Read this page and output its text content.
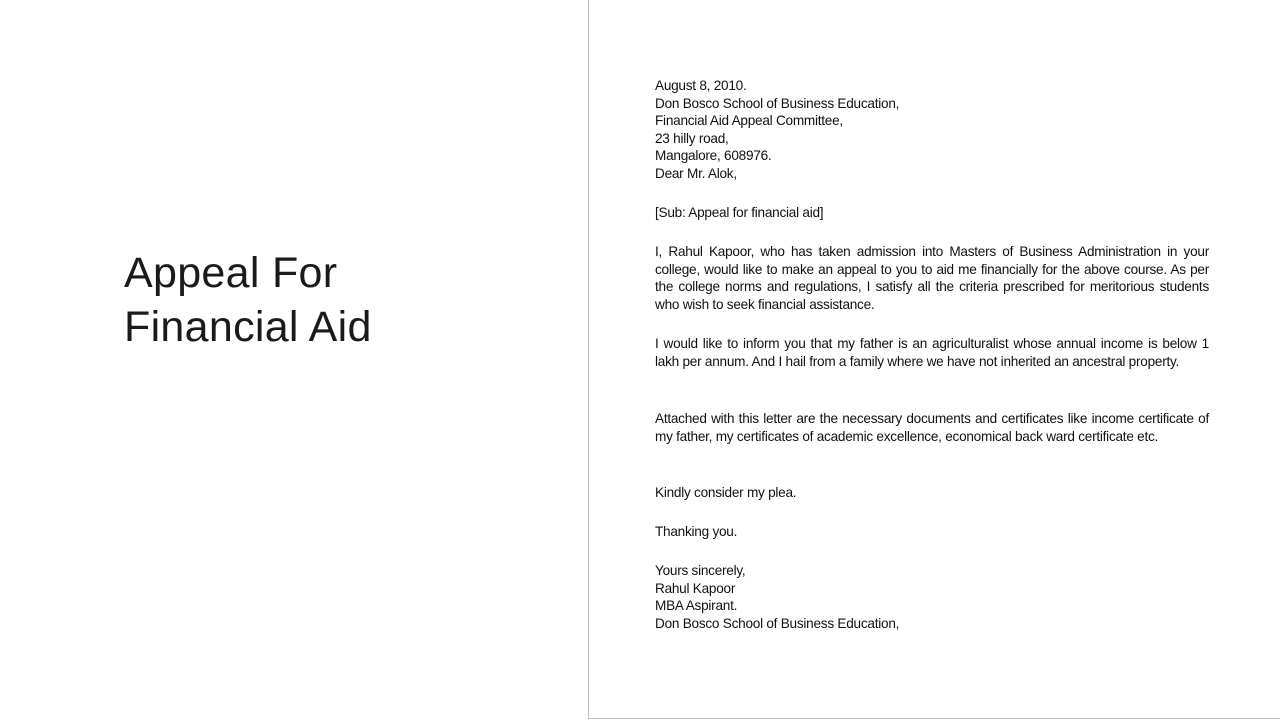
Appeal For
Financial Aid
August 8, 2010.
Don Bosco School of Business Education,
Financial Aid Appeal Committee,
23 hilly road,
Mangalore, 608976.
Dear Mr. Alok,
[Sub: Appeal for financial aid]

I, Rahul Kapoor, who has taken admission into Masters of Business Administration in your college, would like to make an appeal to you to aid me financially for the above course. As per the college norms and regulations, I satisfy all the criteria prescribed for meritorious students who wish to seek financial assistance.

I would like to inform you that my father is an agriculturalist whose annual income is below 1 lakh per annum. And I hail from a family where we have not inherited an ancestral property.

Attached with this letter are the necessary documents and certificates like income certificate of my father, my certificates of academic excellence, economical back ward certificate etc.

Kindly consider my plea.
Thanking you.
Yours sincerely,
Rahul Kapoor
MBA Aspirant.
Don Bosco School of Business Education,
